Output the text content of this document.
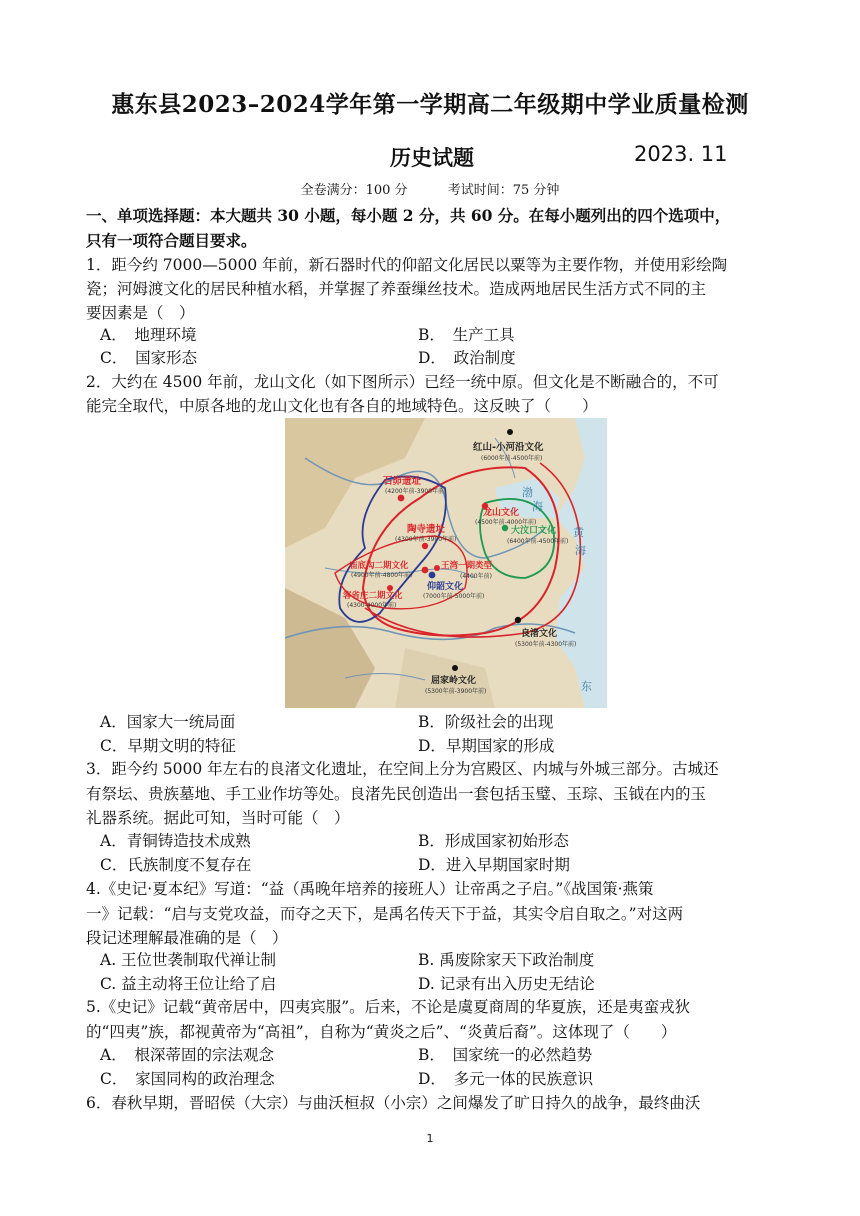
惠东县2023–2024学年第一学期高二年级期中学业质量检测
历史试题	2023. 11
全卷满分：100 分	考试时间：75 分钟
一、单项选择题：本大题共 30 小题，每小题 2 分，共 60 分。在每小题列出的四个选项中，
只有一项符合题目要求。
1．距今约 7000—5000 年前，新石器时代的仰韶文化居民以粟等为主要作物，并使用彩绘陶
瓷；河姆渡文化的居民种植水稻，并掌握了养蚕缫丝技术。造成两地居民生活方式不同的主
要因素是（　）
A．　地理环境	B．　生产工具
C．　国家形态	D．　政治制度
2．大约在 4500 年前，龙山文化（如下图所示）已经一统中原。但文化是不断融合的，不可
能完全取代，中原各地的龙山文化也有各自的地域特色。这反映了（　　）
红山-小河沿文化
(6000年前-4500年前)
石峁遗址
(4200年前-3900年前)
龙山文化
(4500年前-4000年前)
陶寺遗址
(4300年前-3900年前)
大汶口文化
(6400年前-4500年前)
庙底沟二期文化
(4900年前-4800年前)
王湾一期类型
(4400年前)
仰韶文化
(7000年前-5000年前)
客省庄二期文化
(4300-4000年前)
良渚文化
(5300年前-4300年前)
屈家岭文化
(5300年前-3900年前)
渤
海
黄
海
东
A．国家大一统局面	B．阶级社会的出现
C．早期文明的特征	D．早期国家的形成
3．距今约 5000 年左右的良渚文化遗址，在空间上分为宫殿区、内城与外城三部分。古城还
有祭坛、贵族墓地、手工业作坊等处。良渚先民创造出一套包括玉璧、玉琮、玉钺在内的玉
礼器系统。据此可知，当时可能（　）
A．青铜铸造技术成熟	B．形成国家初始形态
C．氏族制度不复存在	D．进入早期国家时期
4.《史记·夏本纪》写道：“益（禹晚年培养的接班人）让帝禹之子启。”《战国策·燕策
一》记载：“启与支党攻益，而夺之天下，是禹名传天下于益，其实令启自取之。”对这两
段记述理解最准确的是（　）
A. 王位世袭制取代禅让制	B. 禹废除家天下政治制度
C. 益主动将王位让给了启	D. 记录有出入历史无结论
5.《史记》记载“黄帝居中，四夷宾服”。后来，不论是虞夏商周的华夏族，还是夷蛮戎狄
的“四夷”族，都视黄帝为“高祖”，自称为“黄炎之后”、“炎黄后裔”。这体现了（　　）
A．　根深蒂固的宗法观念	B．　国家统一的必然趋势
C．　家国同构的政治理念	D．　多元一体的民族意识
6．春秋早期，晋昭侯（大宗）与曲沃桓叔（小宗）之间爆发了旷日持久的战争，最终曲沃
1
